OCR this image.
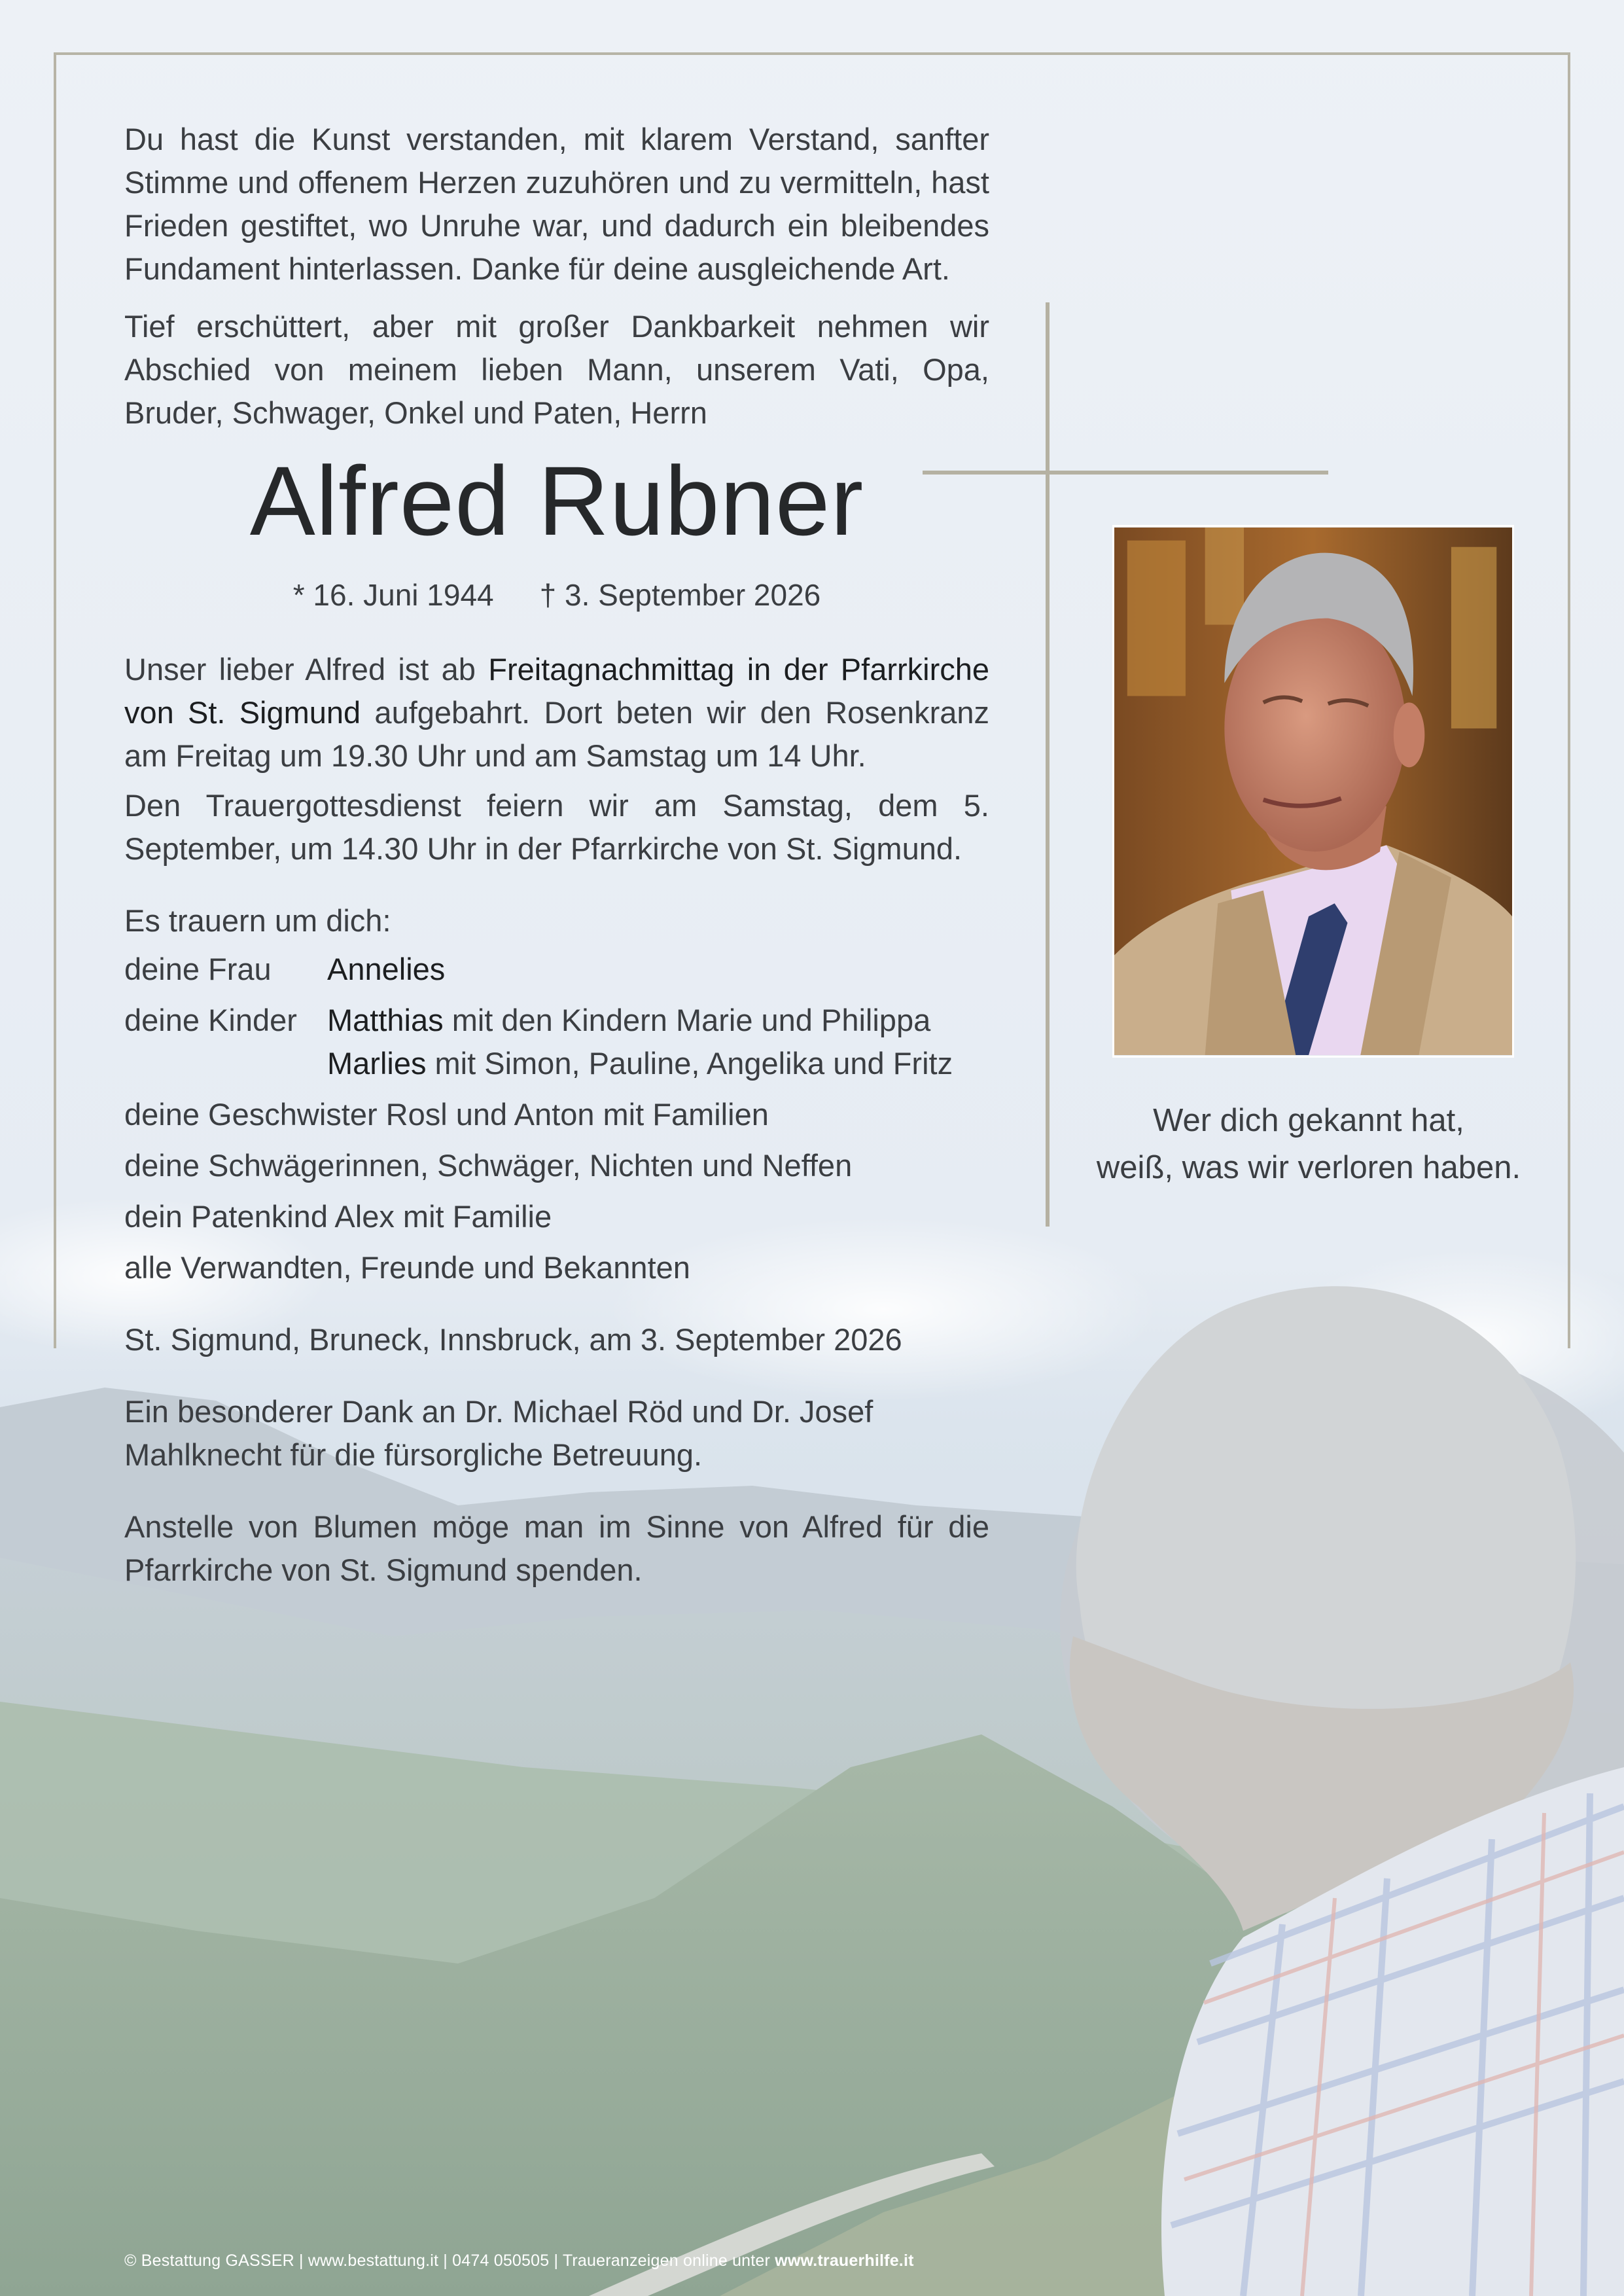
Du hast die Kunst verstanden, mit klarem Verstand, sanfter Stimme und offenem Herzen zuzuhören und zu vermitteln, hast Frieden gestiftet, wo Unruhe war, und dadurch ein bleibendes Fundament hinterlassen. Danke für deine ausgleichende Art.
Tief erschüttert, aber mit großer Dankbarkeit nehmen wir Abschied von meinem lieben Mann, unserem Vati, Opa, Bruder, Schwager, Onkel und Paten, Herrn
Alfred Rubner
* 16. Juni 1944 † 3. September 2026
Unser lieber Alfred ist ab Freitagnachmittag in der Pfarrkirche von St. Sigmund aufgebahrt. Dort beten wir den Rosenkranz am Freitag um 19.30 Uhr und am Samstag um 14 Uhr.
Den Trauergottesdienst feiern wir am Samstag, dem 5. September, um 14.30 Uhr in der Pfarrkirche von St. Sigmund.
Es trauern um dich:
deine Frau Annelies
deine Kinder Matthias mit den Kindern Marie und Philippa
Marlies mit Simon, Pauline, Angelika und Fritz
deine Geschwister Rosl und Anton mit Familien
deine Schwägerinnen, Schwäger, Nichten und Neffen
dein Patenkind Alex mit Familie
alle Verwandten, Freunde und Bekannten
St. Sigmund, Bruneck, Innsbruck, am 3. September 2026
Ein besonderer Dank an Dr. Michael Röd und Dr. Josef Mahlknecht für die fürsorgliche Betreuung.
Anstelle von Blumen möge man im Sinne von Alfred für die Pfarrkirche von St. Sigmund spenden.
Wer dich gekannt hat,
weiß, was wir verloren haben.
© Bestattung GASSER | www.bestattung.it | 0474 050505 | Traueranzeigen online unter www.trauerhilfe.it
